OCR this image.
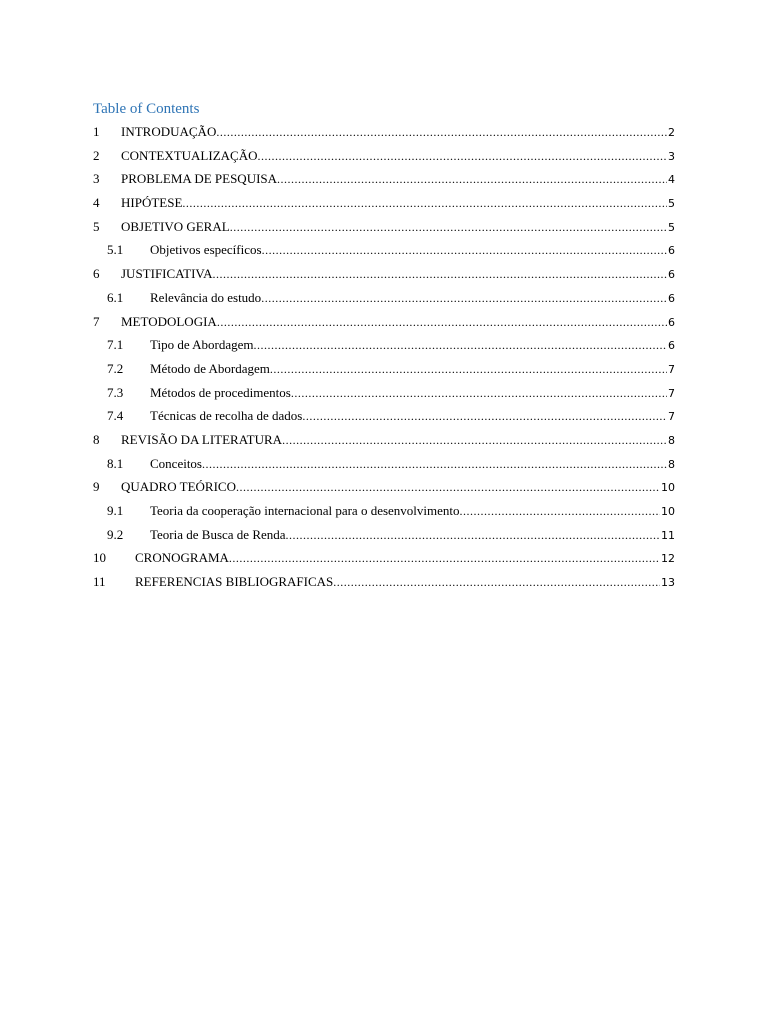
Table of Contents
1	INTRODUAÇÃO .....	2
2	CONTEXTUALIZAÇÃO .....	3
3	PROBLEMA DE PESQUISA .....	4
4	HIPÓTESE .....	5
5	OBJETIVO GERAL .....	5
5.1	Objetivos específicos .....	6
6	JUSTIFICATIVA .....	6
6.1	Relevância do estudo .....	6
7	METODOLOGIA .....	6
7.1	Tipo de Abordagem .....	6
7.2	Método de Abordagem .....	7
7.3	Métodos de procedimentos .....	7
7.4	Técnicas de recolha de dados .....	7
8	REVISÃO DA LITERATURA .....	8
8.1	Conceitos .....	8
9	QUADRO TEÓRICO .....	10
9.1	Teoria da cooperação internacional para o desenvolvimento .....	10
9.2	Teoria de Busca de Renda .....	11
10	CRONOGRAMA .....	12
11	REFERENCIAS BIBLIOGRAFICAS .....	13
